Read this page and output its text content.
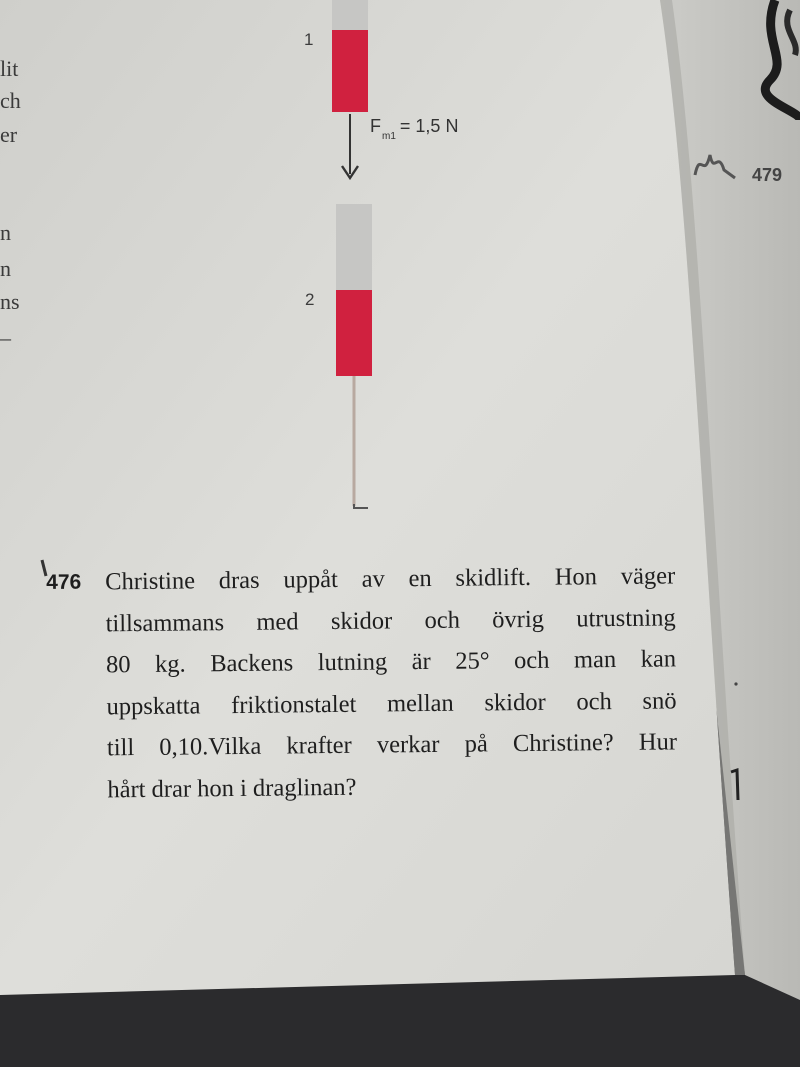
lit
ch
er
n
n
ns
–
1
2
$F_{m1}= 1,5$ N
479
476 Christine dras uppåt av en skidlift. Hon väger
tillsammans med skidor och övrig utrustning
80 kg. Backens lutning är 25° och man kan
uppskatta friktionstalet mellan skidor och snö
till 0,10.Vilka krafter verkar på Christine? Hur
hårt drar hon i draglinan?
